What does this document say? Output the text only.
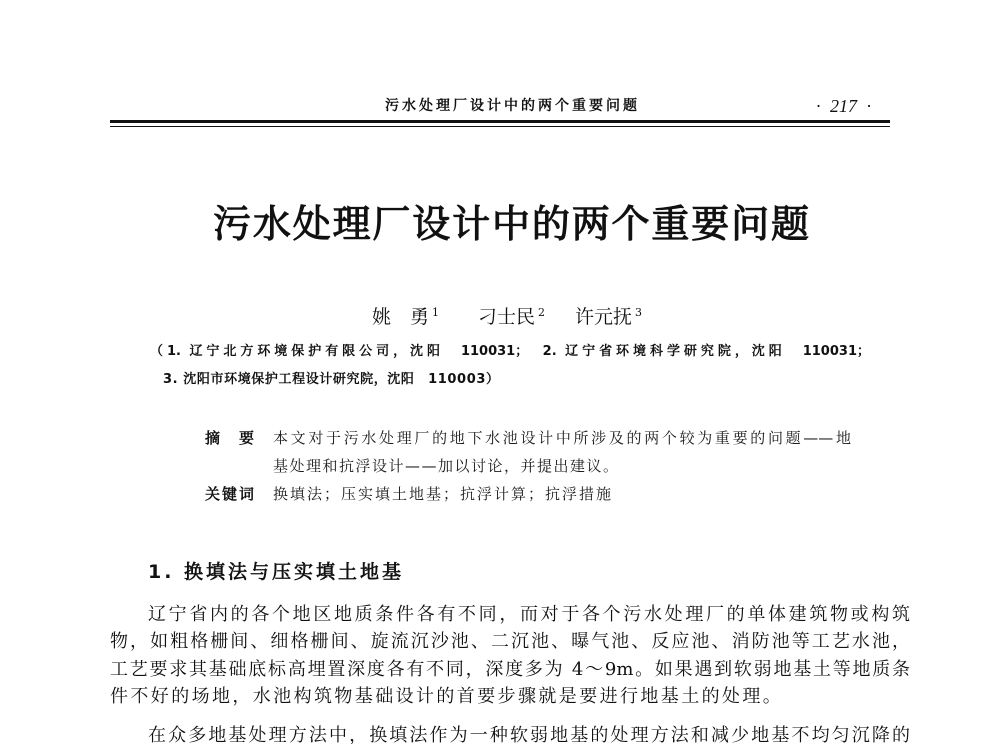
污水处理厂设计中的两个重要问题	· 217 ·
污水处理厂设计中的两个重要问题
姚　勇 $^1$ 刁士民 $^2$ 许元抚 $^3$
（1. 辽宁北方环境保护有限公司，沈阳　110031；　2. 辽宁省环境科学研究院，沈阳　110031；
3. 沈阳市环境保护工程设计研究院，沈阳　110003）
摘　要 本文对于污水处理厂的地下水池设计中所涉及的两个较为重要的问题——地
基处理和抗浮设计——加以讨论，并提出建议。
关键词 换填法；压实填土地基；抗浮计算；抗浮措施
1. 换填法与压实填土地基
辽宁省内的各个地区地质条件各有不同，而对于各个污水处理厂的单体建筑物或构筑
物，如粗格栅间、细格栅间、旋流沉沙池、二沉池、曝气池、反应池、消防池等工艺水池，
工艺要求其基础底标高埋置深度各有不同，深度多为 4～9m。如果遇到软弱地基土等地质条
件不好的场地，水池构筑物基础设计的首要步骤就是要进行地基土的处理。
在众多地基处理方法中，换填法作为一种软弱地基的处理方法和减少地基不均匀沉降的
